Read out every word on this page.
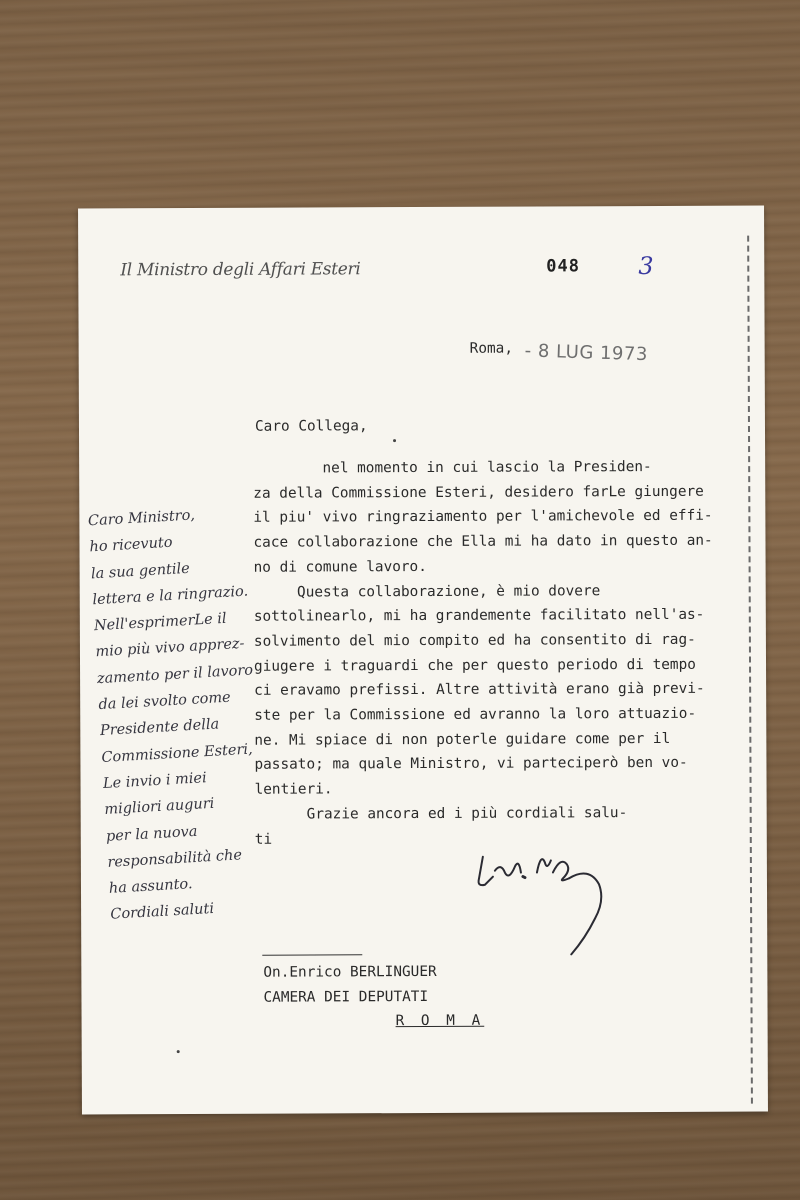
Il Ministro degli Affari Esteri	048 3
Roma, - 8 LUG 1973
Caro Collega,

nel momento in cui lascio la Presiden-
za della Commissione Esteri, desidero farLe giungere
il piu' vivo ringraziamento per l'amichevole ed effi-
cace collaborazione che Ella mi ha dato in questo an-
no di comune lavoro.
Questa collaborazione, è mio dovere
sottolinearlo, mi ha grandemente facilitato nell'as-
solvimento del mio compito ed ha consentito di rag-
giugere i traguardi che per questo periodo di tempo
ci eravamo prefissi. Altre attività erano già previ-
ste per la Commissione ed avranno la loro attuazio-
ne. Mi spiace di non poterle guidare come per il
passato; ma quale Ministro, vi parteciperò ben vo-
lentieri.
Grazie ancora ed i più cordiali salu-
ti

On.Enrico BERLINGUER
CAMERA DEI DEPUTATI
R O M A
Caro Ministro,
ho ricevuto
la sua gentile
lettera e la ringrazio.
Nell'esprimerLe il
mio più vivo apprez-
zamento per il lavoro
da lei svolto come
Presidente della
Commissione Esteri,
Le invio i miei
migliori auguri
per la nuova
responsabilità che
ha assunto.
Cordiali saluti
